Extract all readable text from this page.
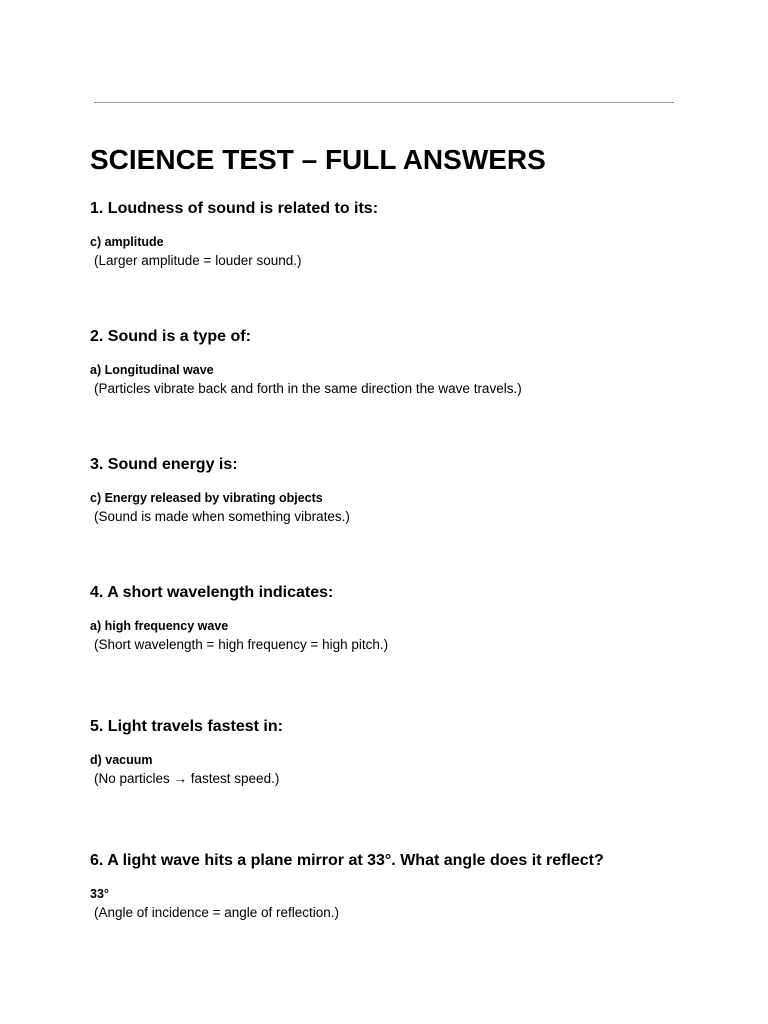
SCIENCE TEST – FULL ANSWERS
1. Loudness of sound is related to its:
c) amplitude
(Larger amplitude = louder sound.)
2. Sound is a type of:
a) Longitudinal wave
(Particles vibrate back and forth in the same direction the wave travels.)
3. Sound energy is:
c) Energy released by vibrating objects
(Sound is made when something vibrates.)
4. A short wavelength indicates:
a) high frequency wave
(Short wavelength = high frequency = high pitch.)
5. Light travels fastest in:
d) vacuum
(No particles → fastest speed.)
6. A light wave hits a plane mirror at 33°. What angle does it reflect?
33°
(Angle of incidence = angle of reflection.)
